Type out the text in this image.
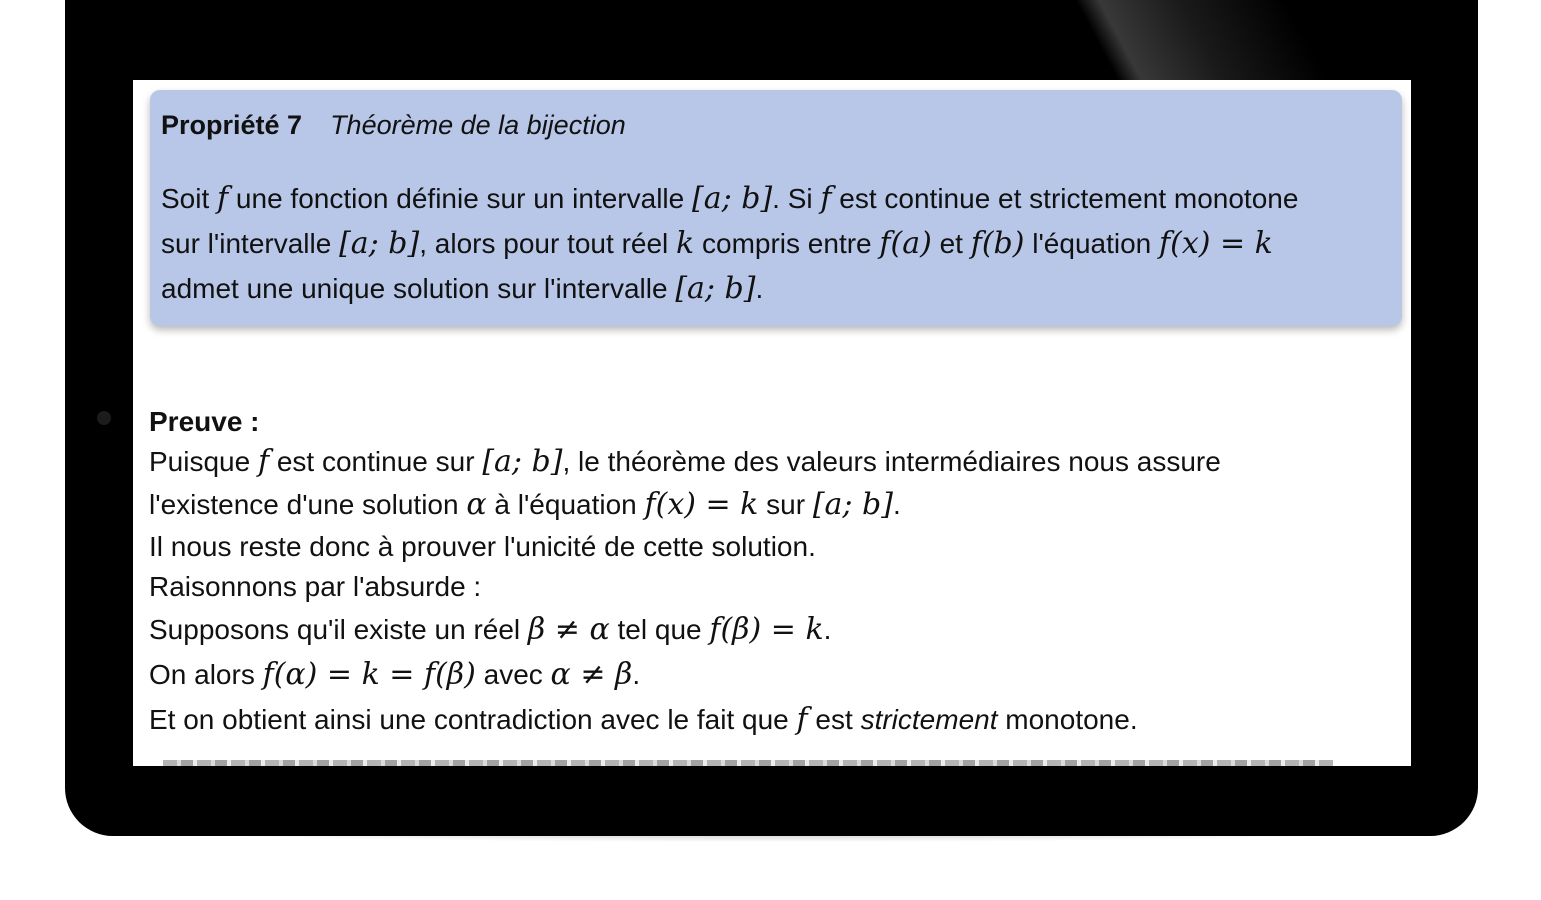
Propriété 7 Théorème de la bijection

Soit f une fonction définie sur un intervalle [a; b]. Si f est continue et strictement monotone

sur l'intervalle [a; b], alors pour tout réel k compris entre f(a) et f(b) l'équation f(x) = k

admet une unique solution sur l'intervalle [a; b].

Preuve :

Puisque f est continue sur [a; b], le théorème des valeurs intermédiaires nous assure

l'existence d'une solution α à l'équation f(x) = k sur [a; b].

Il nous reste donc à prouver l'unicité de cette solution.

Raisonnons par l'absurde :

Supposons qu'il existe un réel β ≠ α tel que f(β) = k.

On alors f(α) = k = f(β) avec α ≠ β.

Et on obtient ainsi une contradiction avec le fait que f est strictement monotone.
